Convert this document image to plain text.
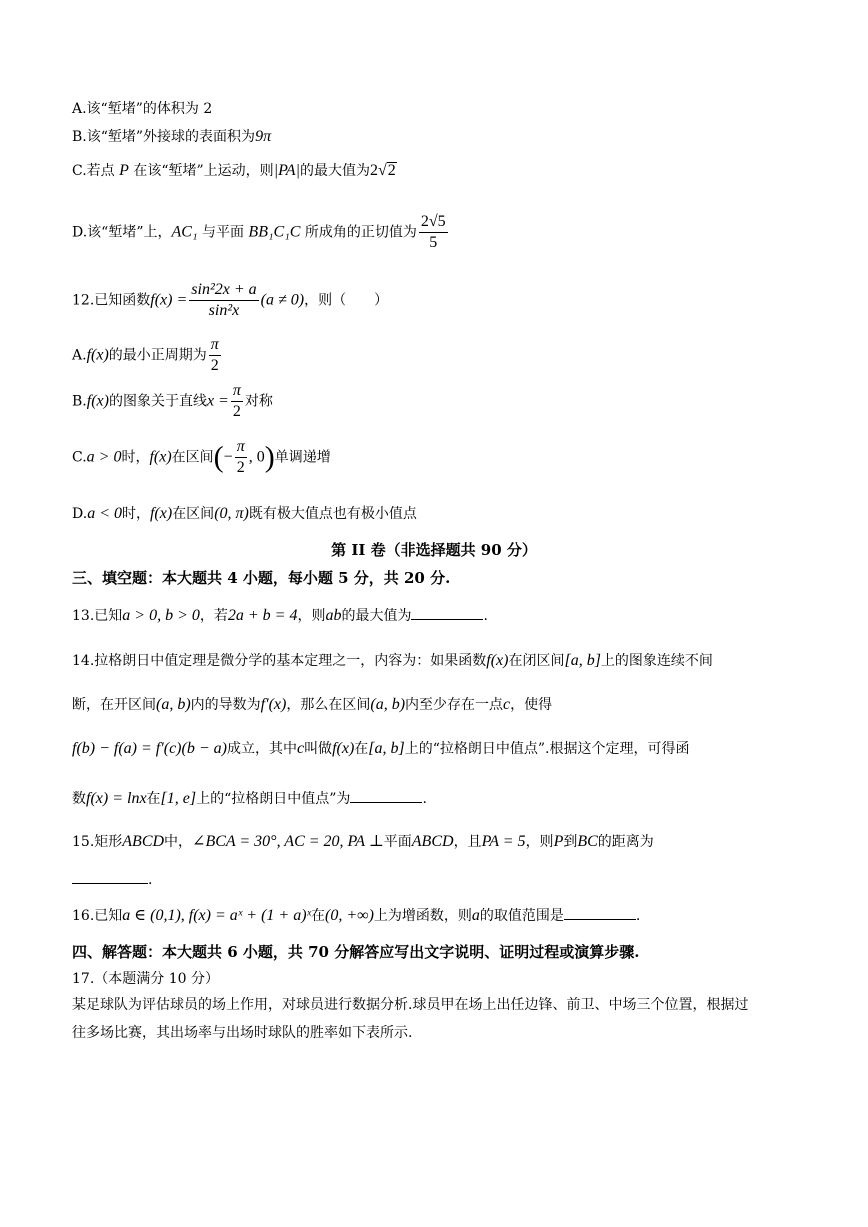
A.该“堑堵”的体积为 2
B.该“堑堵”外接球的表面积为9π
C.若点 P 在该“堑堵”上运动，则|PA|的最大值为2√2
D.该“堑堵”上，AC₁ 与平面 BB₁C₁C 所成角的正切值为 $\frac{2√5}{5}$
12.已知函数$f(x) = \frac{\text{sin²2x + a}}{\text{sin²x}} (a \ne 0)$，则（　　）
A.f(x)的最小正周期为 $\frac{\pi}{2}$
B.f(x)的图象关于直线$x = \frac{\pi}{2}$ 对称
C.a > 0时，f(x)在区间(− $\frac{\pi}{2}$ , 0)单调递增
D.a < 0时，f(x)在区间(0, π)既有极大值点也有极小值点
第 II 卷（非选择题共 90 分）
三、填空题：本大题共 4 小题，每小题 5 分，共 20 分.
13.已知a > 0, b > 0，若2a + b = 4，则ab的最大值为	.
14.拉格朗日中值定理是微分学的基本定理之一，内容为：如果函数f(x)在闭区间[a, b]上的图象连续不间
断，在开区间(a, b)内的导数为f′(x)，那么在区间(a, b)内至少存在一点c，使得
f(b) − f(a) = f′(c)(b − a)成立，其中c叫做f(x)在[a, b]上的“拉格朗日中值点”.根据这个定理，可得函
数f(x) = lnx在[1, e]上的“拉格朗日中值点”为	.
15.矩形ABCD中，∠BCA = 30°, AC = 20, PA ⊥平面ABCD，且PA = 5，则P到BC的距离为
.
16.已知a ∈ (0,1), f(x) = aˣ + (1 + a)ˣ在(0, +∞)上为增函数，则a的取值范围是	.
四、解答题：本大题共 6 小题，共 70 分解答应写出文字说明、证明过程或演算步骤.
17.（本题满分 10 分）
某足球队为评估球员的场上作用，对球员进行数据分析.球员甲在场上出任边锋、前卫、中场三个位置，根据过
往多场比赛，其出场率与出场时球队的胜率如下表所示.
